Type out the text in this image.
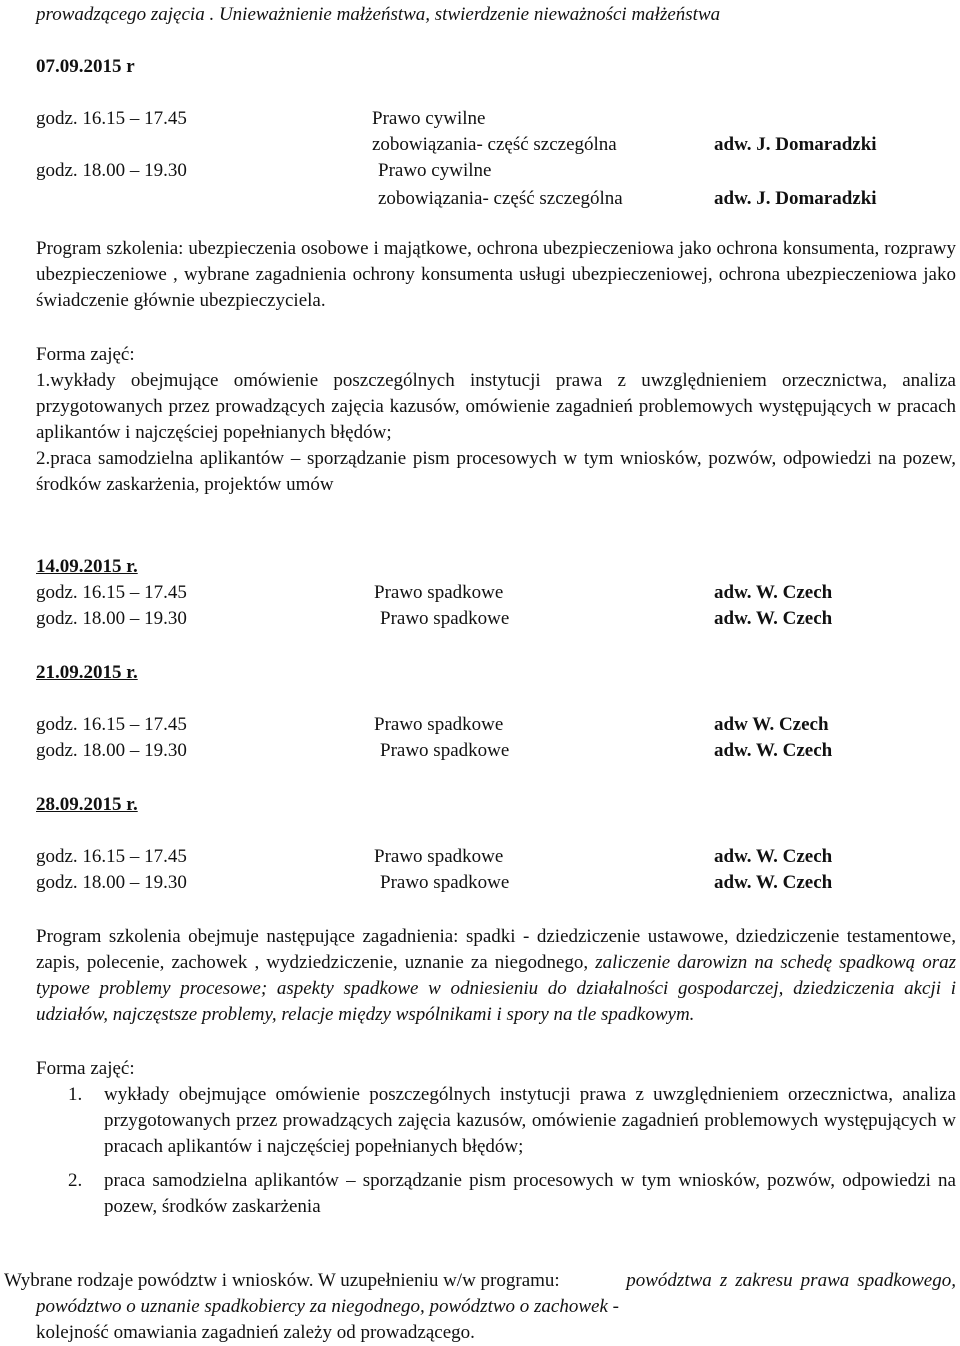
prowadzącego zajęcia . Unieważnienie małżeństwa, stwierdzenie nieważności małżeństwa
07.09.2015 r
godz. 16.15 – 17.45	Prawo cywilne
zobowiązania- część szczególna	adw. J. Domaradzki
godz. 18.00 – 19.30	Prawo cywilne
zobowiązania- część szczególna	adw. J. Domaradzki
Program szkolenia: ubezpieczenia osobowe i majątkowe, ochrona ubezpieczeniowa jako ochrona konsumenta, rozprawy ubezpieczeniowe , wybrane zagadnienia ochrony konsumenta usługi ubezpieczeniowej, ochrona ubezpieczeniowa jako świadczenie głównie ubezpieczyciela.
Forma zajęć:
1.wykłady obejmujące omówienie poszczególnych instytucji prawa z uwzględnieniem orzecznictwa, analiza przygotowanych przez prowadzących zajęcia kazusów, omówienie zagadnień problemowych występujących w pracach aplikantów i najczęściej popełnianych błędów;
2.praca samodzielna aplikantów – sporządzanie pism procesowych w tym wniosków, pozwów, odpowiedzi na pozew, środków zaskarżenia, projektów umów
14.09.2015 r.
godz. 16.15 – 17.45	Prawo spadkowe	adw. W. Czech
godz. 18.00 – 19.30	Prawo spadkowe	adw. W. Czech
21.09.2015 r.
godz. 16.15 – 17.45	Prawo spadkowe	adw W. Czech
godz. 18.00 – 19.30	Prawo spadkowe	adw. W. Czech
28.09.2015 r.
godz. 16.15 – 17.45	Prawo spadkowe	adw. W. Czech
godz. 18.00 – 19.30	Prawo spadkowe	adw. W. Czech
Program szkolenia obejmuje następujące zagadnienia: spadki - dziedziczenie ustawowe, dziedziczenie testamentowe, zapis, polecenie, zachowek , wydziedziczenie, uznanie za niegodnego, zaliczenie darowizn na schedę spadkową oraz typowe problemy procesowe; aspekty spadkowe w odniesieniu do działalności gospodarczej, dziedziczenia akcji i udziałów, najczęstsze problemy, relacje między wspólnikami i spory na tle spadkowym.
Forma zajęć:
1.	wykłady obejmujące omówienie poszczególnych instytucji prawa z uwzględnieniem orzecznictwa, analiza przygotowanych przez prowadzących zajęcia kazusów, omówienie zagadnień problemowych występujących w pracach aplikantów i najczęściej popełnianych błędów;
2.	praca samodzielna aplikantów – sporządzanie pism procesowych w tym wniosków, pozwów, odpowiedzi na pozew, środków zaskarżenia
Wybrane rodzaje powództw i wniosków. W uzupełnieniu w/w programu:	powództwa z zakresu prawa spadkowego, powództwo o uznanie spadkobiercy za niegodnego, powództwo o zachowek -
kolejność omawiania zagadnień zależy od prowadzącego.
